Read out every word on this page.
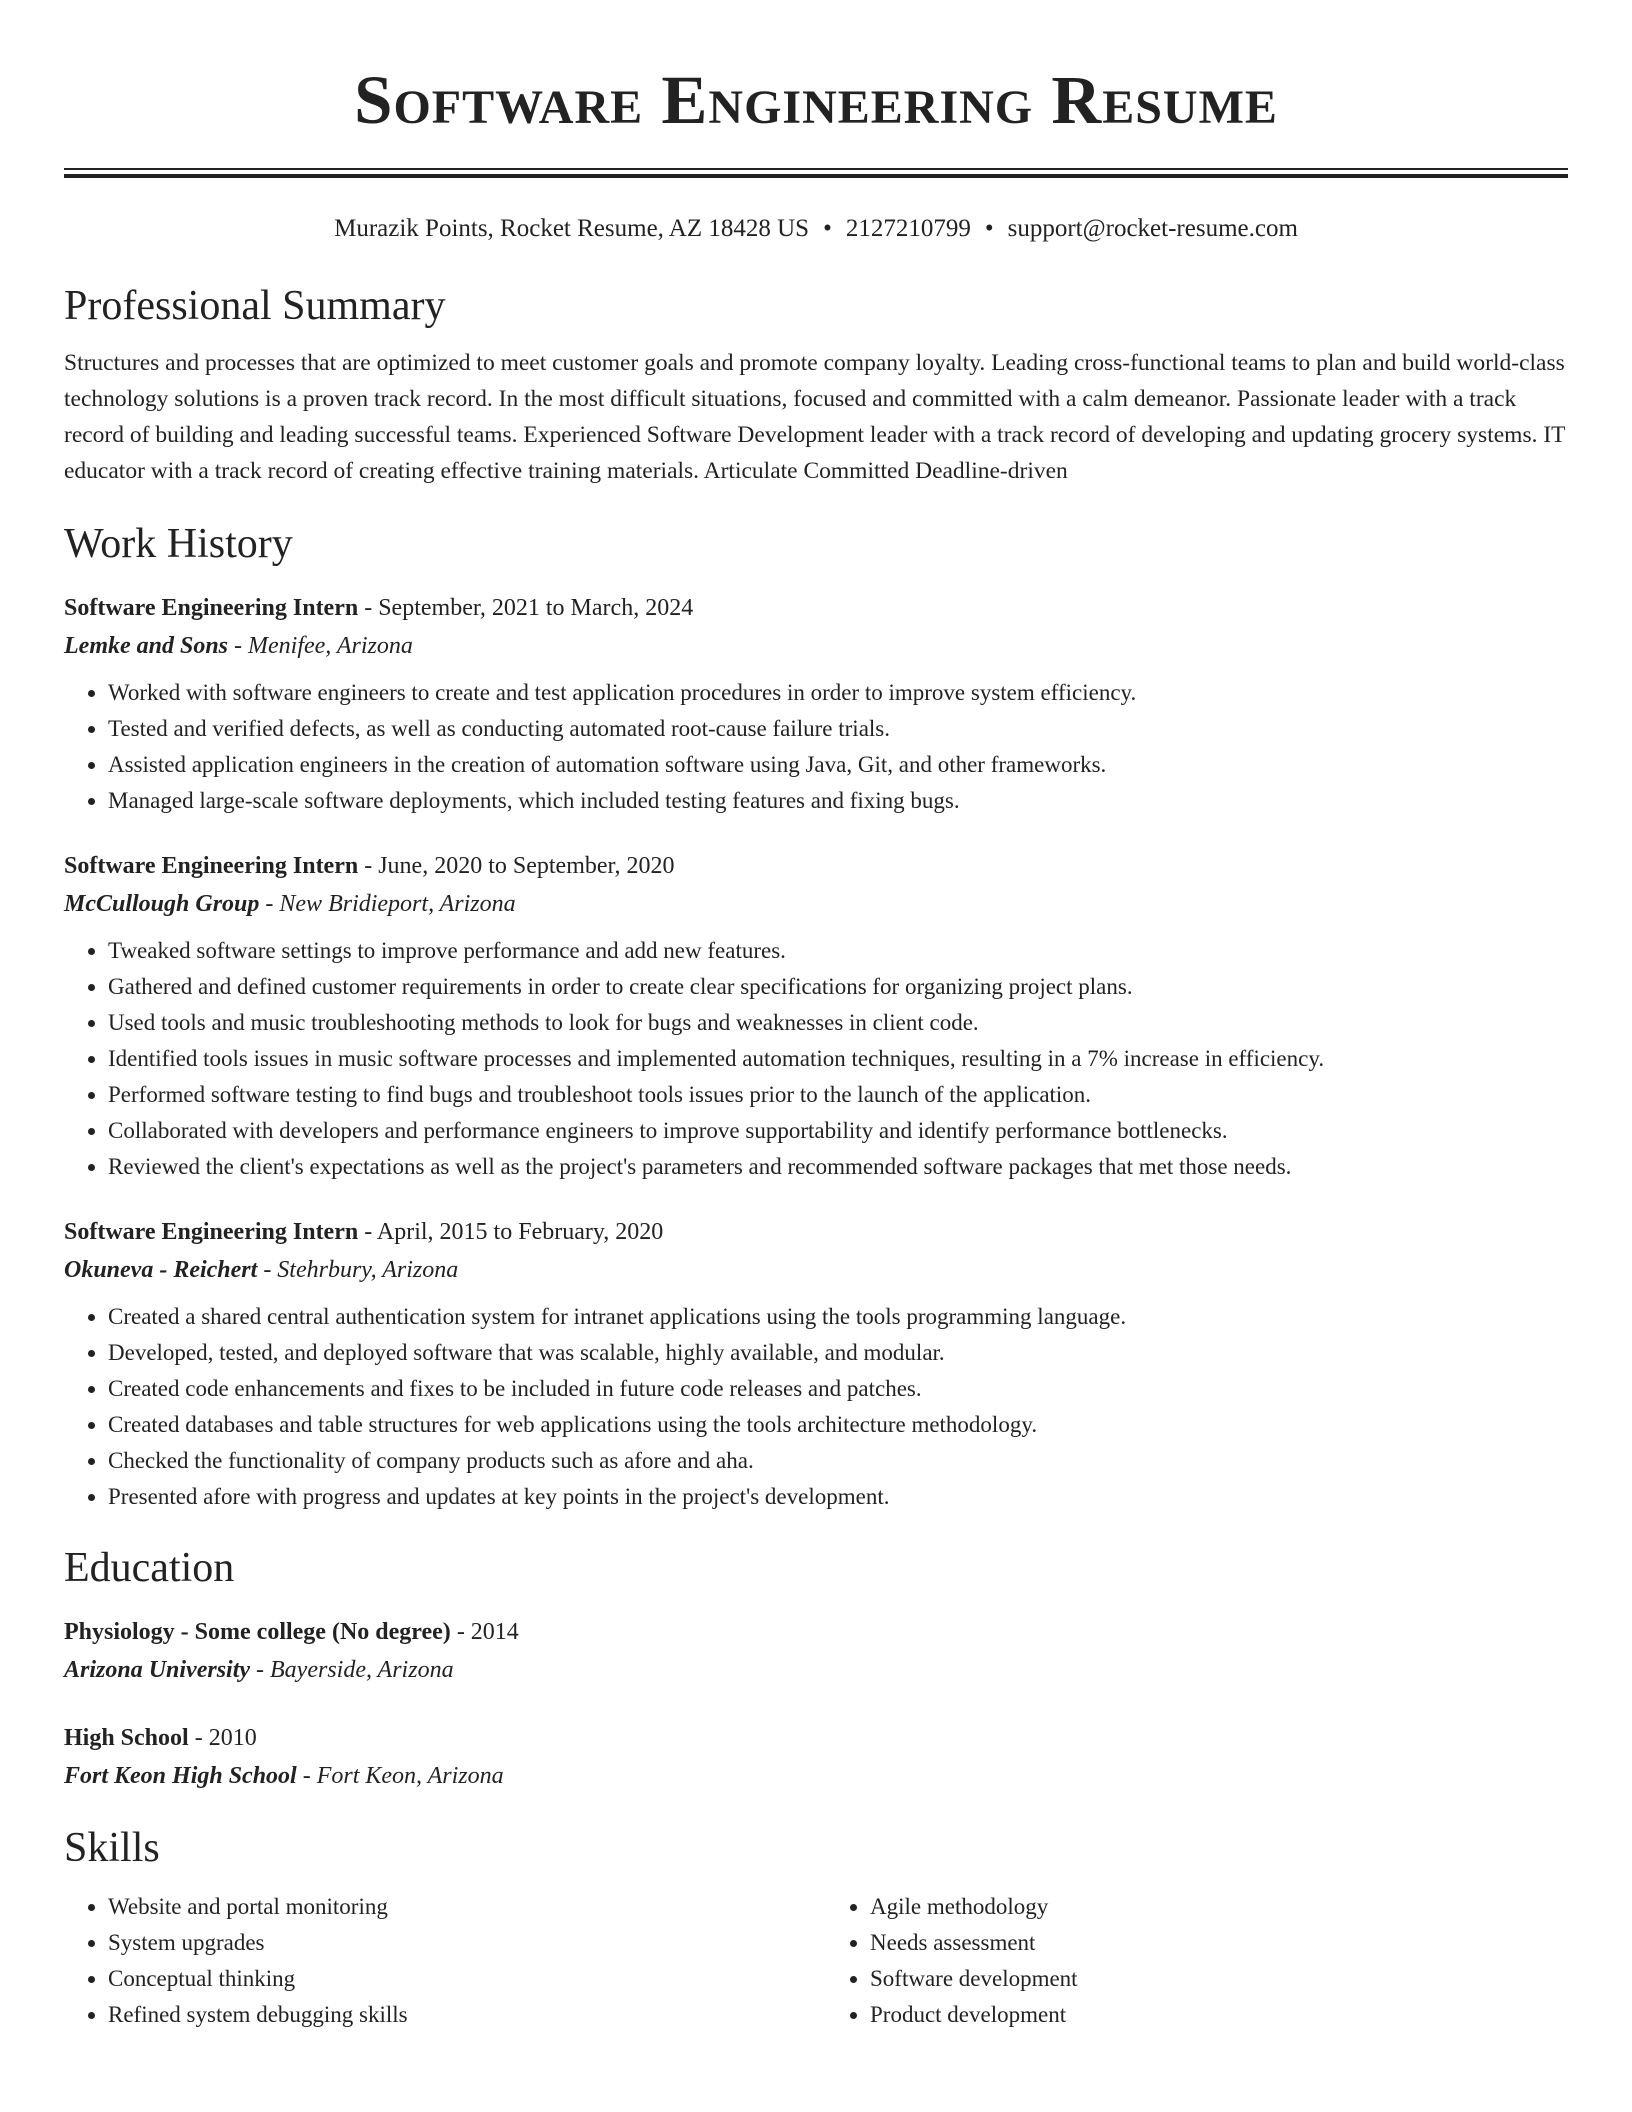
Software Engineering Resume
Murazik Points, Rocket Resume, AZ 18428 US • 2127210799 • support@rocket-resume.com
Professional Summary

Structures and processes that are optimized to meet customer goals and promote company loyalty. Leading cross-functional teams to plan and build world-class technology solutions is a proven track record. In the most difficult situations, focused and committed with a calm demeanor. Passionate leader with a track record of building and leading successful teams. Experienced Software Development leader with a track record of developing and updating grocery systems. IT educator with a track record of creating effective training materials. Articulate Committed Deadline-driven

Work History
Software Engineering Intern - September, 2021 to March, 2024
Lemke and Sons - Menifee, Arizona
• Worked with software engineers to create and test application procedures in order to improve system efficiency.
• Tested and verified defects, as well as conducting automated root-cause failure trials.
• Assisted application engineers in the creation of automation software using Java, Git, and other frameworks.
• Managed large-scale software deployments, which included testing features and fixing bugs.
Software Engineering Intern - June, 2020 to September, 2020
McCullough Group - New Bridieport, Arizona
• Tweaked software settings to improve performance and add new features.
• Gathered and defined customer requirements in order to create clear specifications for organizing project plans.
• Used tools and music troubleshooting methods to look for bugs and weaknesses in client code.
• Identified tools issues in music software processes and implemented automation techniques, resulting in a 7% increase in efficiency.
• Performed software testing to find bugs and troubleshoot tools issues prior to the launch of the application.
• Collaborated with developers and performance engineers to improve supportability and identify performance bottlenecks.
• Reviewed the client's expectations as well as the project's parameters and recommended software packages that met those needs.
Software Engineering Intern - April, 2015 to February, 2020
Okuneva - Reichert - Stehrbury, Arizona
• Created a shared central authentication system for intranet applications using the tools programming language.
• Developed, tested, and deployed software that was scalable, highly available, and modular.
• Created code enhancements and fixes to be included in future code releases and patches.
• Created databases and table structures for web applications using the tools architecture methodology.
• Checked the functionality of company products such as afore and aha.
• Presented afore with progress and updates at key points in the project's development.
Education
Physiology - Some college (No degree) - 2014
Arizona University - Bayerside, Arizona
High School - 2010
Fort Keon High School - Fort Keon, Arizona
Skills
• Website and portal monitoring
• System upgrades
• Conceptual thinking
• Refined system debugging skills
• Agile methodology
• Needs assessment
• Software development
• Product development
